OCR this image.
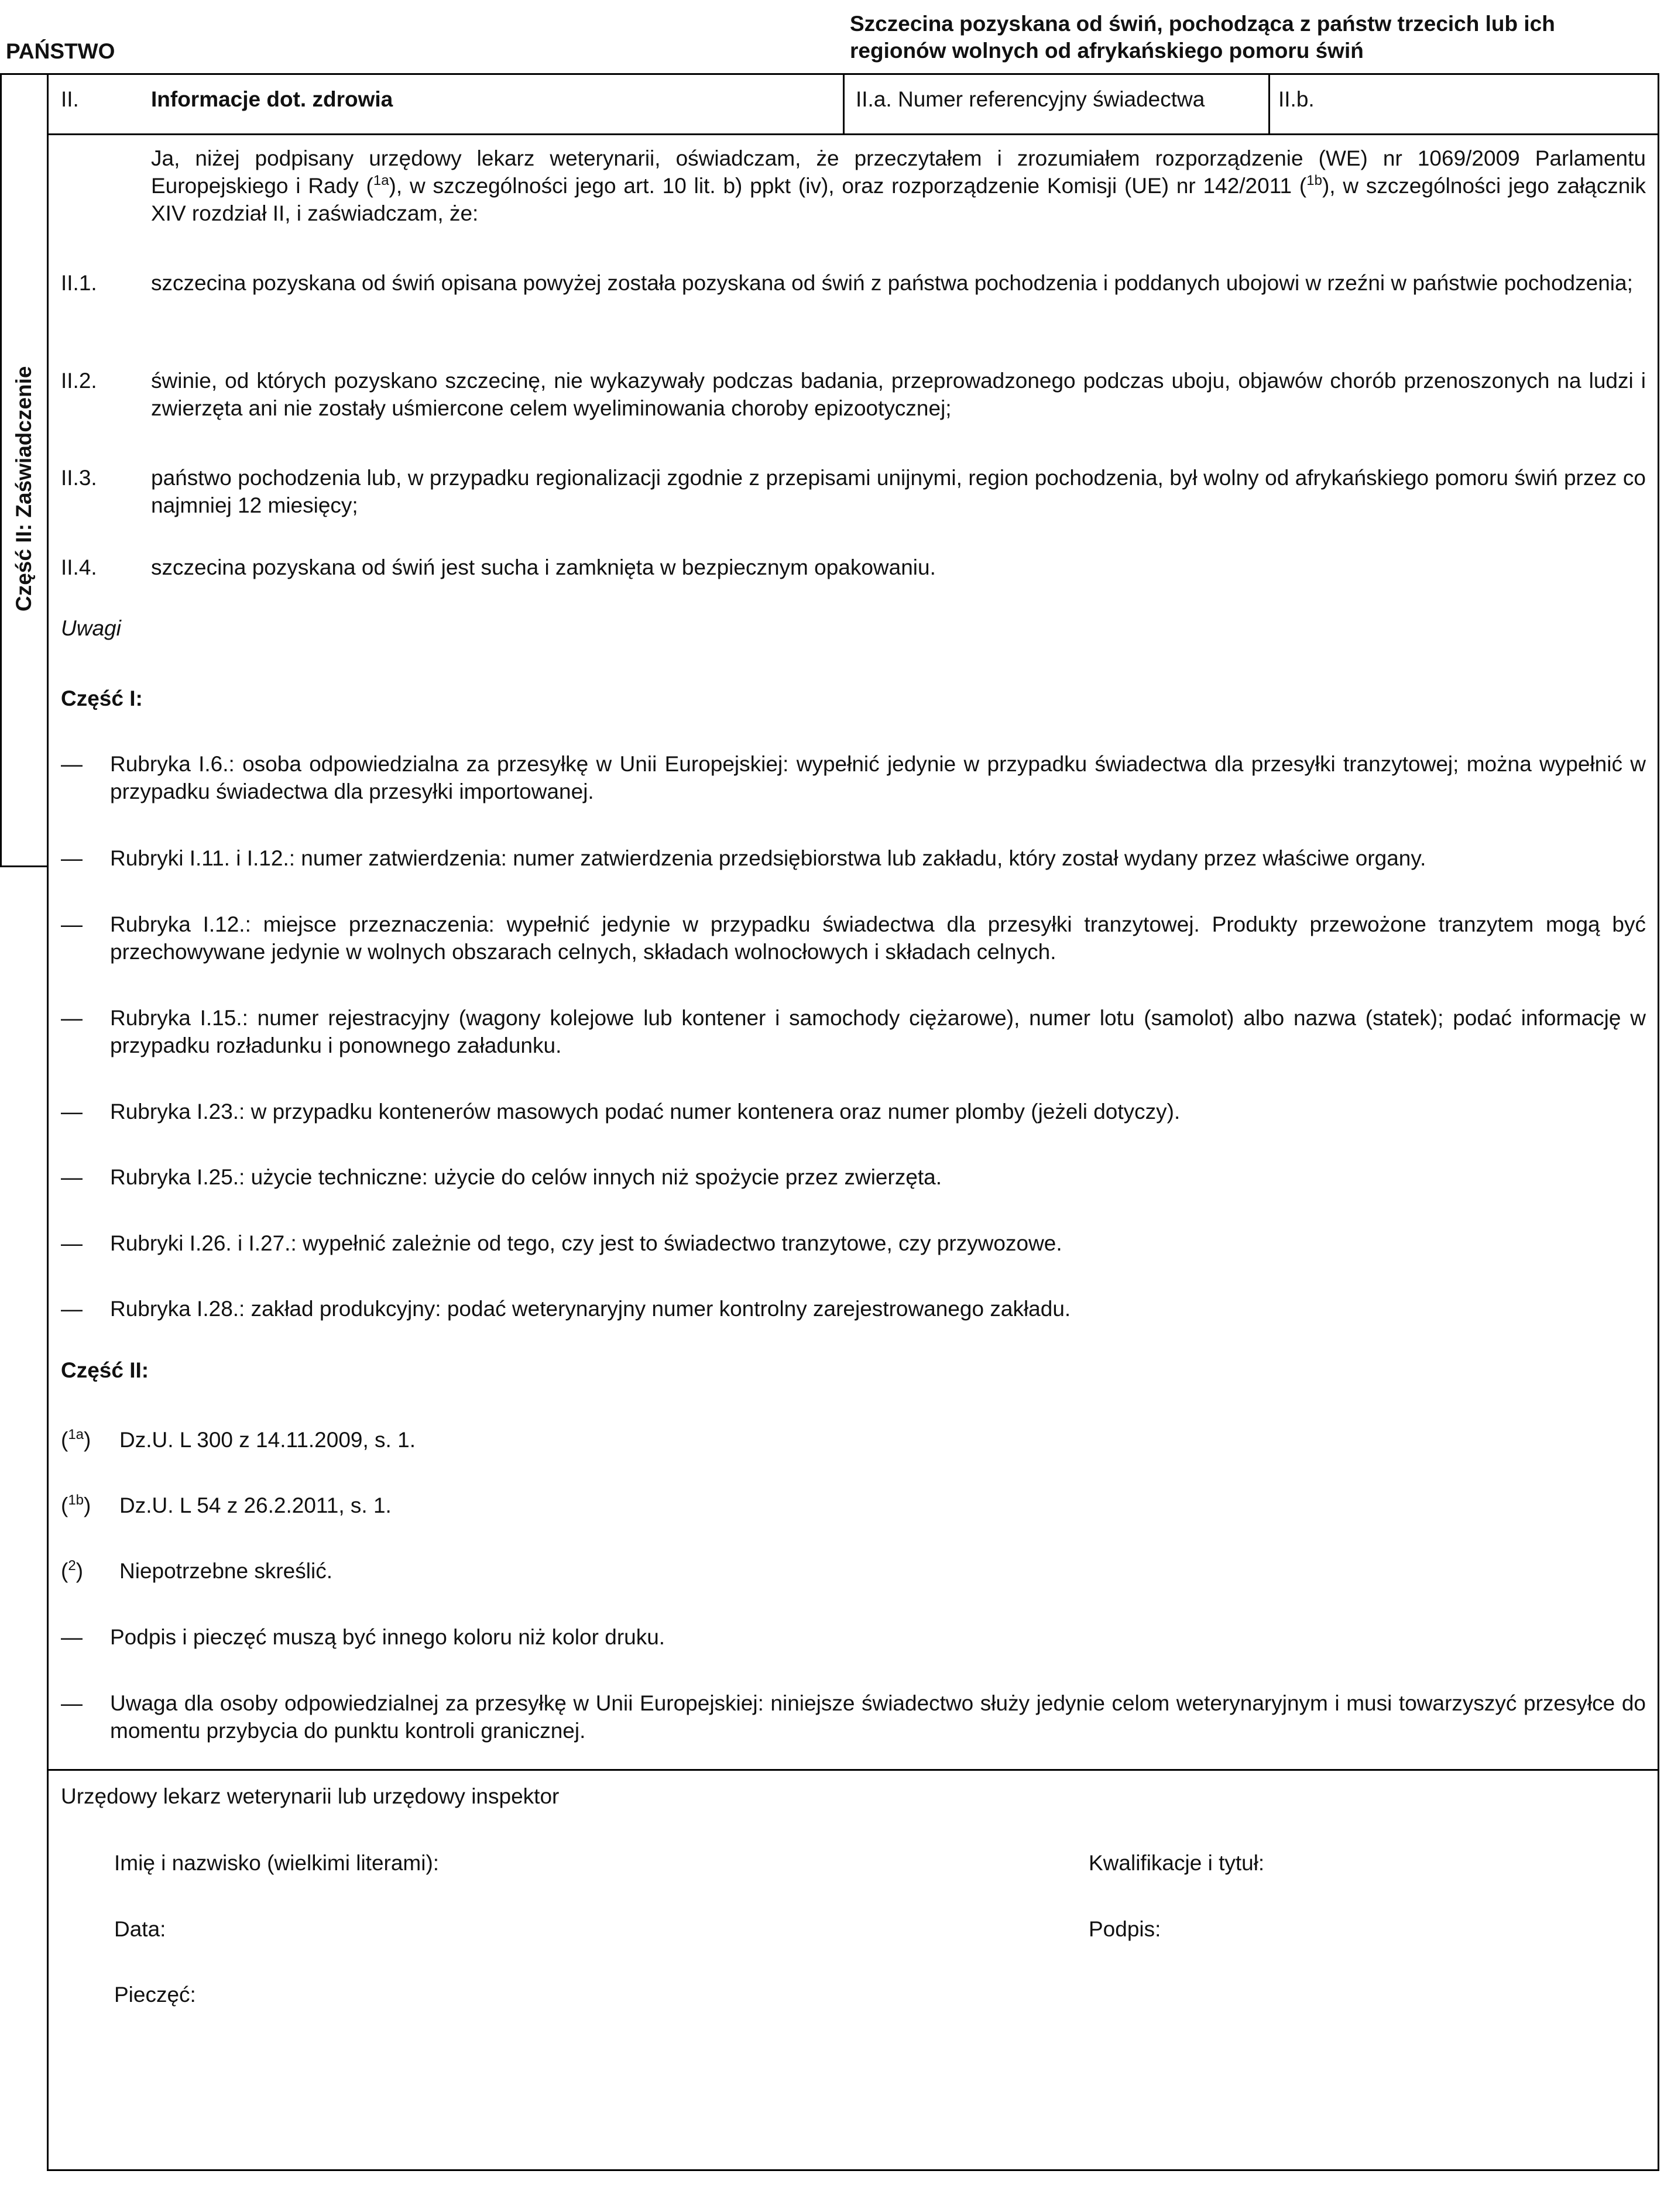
PAŃSTWO
Szczecina pozyskana od świń, pochodząca z państw trzecich lub ich
regionów wolnych od afrykańskiego pomoru świń
II.	Informacje dot. zdrowia	II.a. Numer referencyjny świadectwa	II.b.
Część II: Zaświadczenie
Ja, niżej podpisany urzędowy lekarz weterynarii, oświadczam, że przeczytałem i zrozumiałem rozporządzenie (WE) nr 1069/2009 Parlamentu Europejskiego i Rady ($^{1a}$), w szczególności jego art. 10 lit. b) ppkt (iv), oraz rozporządzenie Komisji (UE) nr 142/2011 ($^{1b}$), w szczególności jego załącznik XIV rozdział II, i zaświadczam, że:
II.1. szczecina pozyskana od świń opisana powyżej została pozyskana od świń z państwa pochodzenia i poddanych ubojowi w rzeźni w państwie pochodzenia;
II.2. świnie, od których pozyskano szczecinę, nie wykazywały podczas badania, przeprowadzonego podczas uboju, objawów chorób przenoszonych na ludzi i zwierzęta ani nie zostały uśmiercone celem wyeliminowania choroby epizootycznej;
II.3. państwo pochodzenia lub, w przypadku regionalizacji zgodnie z przepisami unijnymi, region pochodzenia, był wolny od afrykańskiego pomoru świń przez co najmniej 12 miesięcy;
II.4. szczecina pozyskana od świń jest sucha i zamknięta w bezpiecznym opakowaniu.
Uwagi
Część I:
— Rubryka I.6.: osoba odpowiedzialna za przesyłkę w Unii Europejskiej: wypełnić jedynie w przypadku świadectwa dla przesyłki tranzytowej; można wypełnić w przypadku świadectwa dla przesyłki importowanej.
— Rubryki I.11. i I.12.: numer zatwierdzenia: numer zatwierdzenia przedsiębiorstwa lub zakładu, który został wydany przez właściwe organy.
— Rubryka I.12.: miejsce przeznaczenia: wypełnić jedynie w przypadku świadectwa dla przesyłki tranzytowej. Produkty przewożone tranzytem mogą być przechowywane jedynie w wolnych obszarach celnych, składach wolnocłowych i składach celnych.
— Rubryka I.15.: numer rejestracyjny (wagony kolejowe lub kontener i samochody ciężarowe), numer lotu (samolot) albo nazwa (statek); podać informację w przypadku rozładunku i ponownego załadunku.
— Rubryka I.23.: w przypadku kontenerów masowych podać numer kontenera oraz numer plomby (jeżeli dotyczy).
— Rubryka I.25.: użycie techniczne: użycie do celów innych niż spożycie przez zwierzęta.
— Rubryki I.26. i I.27.: wypełnić zależnie od tego, czy jest to świadectwo tranzytowe, czy przywozowe.
— Rubryka I.28.: zakład produkcyjny: podać weterynaryjny numer kontrolny zarejestrowanego zakładu.
Część II:
($^{1a}$) Dz.U. L 300 z 14.11.2009, s. 1.
($^{1b}$) Dz.U. L 54 z 26.2.2011, s. 1.
($^2$) Niepotrzebne skreślić.
— Podpis i pieczęć muszą być innego koloru niż kolor druku.
— Uwaga dla osoby odpowiedzialnej za przesyłkę w Unii Europejskiej: niniejsze świadectwo służy jedynie celom weterynaryjnym i musi towarzyszyć przesyłce do momentu przybycia do punktu kontroli granicznej.
Urzędowy lekarz weterynarii lub urzędowy inspektor
Imię i nazwisko (wielkimi literami):	Kwalifikacje i tytuł:
Data:	Podpis:
Pieczęć:
